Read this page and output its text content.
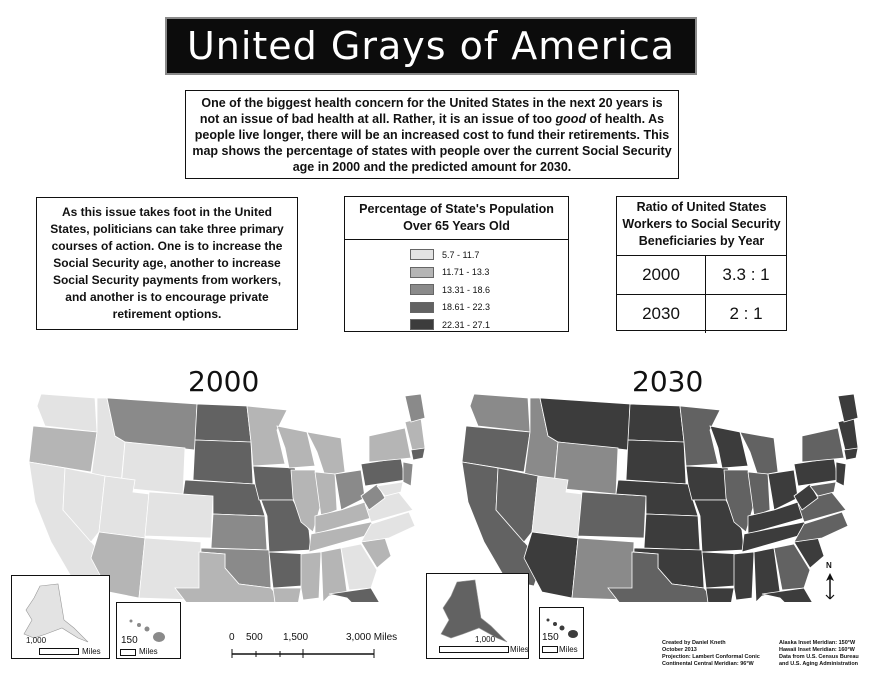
United Grays of America
One of the biggest health concern for the United States in the next 20 years is not an issue of bad health at all. Rather, it is an issue of too good of health. As people live longer, there will be an increased cost to fund their retirements. This map shows the percentage of states with people over the current Social Security age in 2000 and the predicted amount for 2030.
As this issue takes foot in the United States, politicians can take three primary courses of action. One is to increase the Social Security age, another to increase Social Security payments from workers, and another is to encourage private retirement options.
Percentage of State's Population Over 65 Years Old
5.7 - 11.7
11.71 - 13.3
13.31 - 18.6
18.61 - 22.3
22.31 - 27.1
Ratio of United States Workers to Social Security Beneficiaries by Year
2000	3.3 : 1
2030	2 : 1
2000
1,000
Miles
150
Miles
0 500 1,500	3,000 Miles
2030
1,000
Miles
150
Miles
N
Created by Daniel Kneth
October 2013
Projection: Lambert Conformal Conic
Continental Central Meridian: 96°W
Alaska Inset Meridian: 150°W
Hawaii Inset Meridian: 160°W
Data from U.S. Census Bureau
and U.S. Aging Administration
